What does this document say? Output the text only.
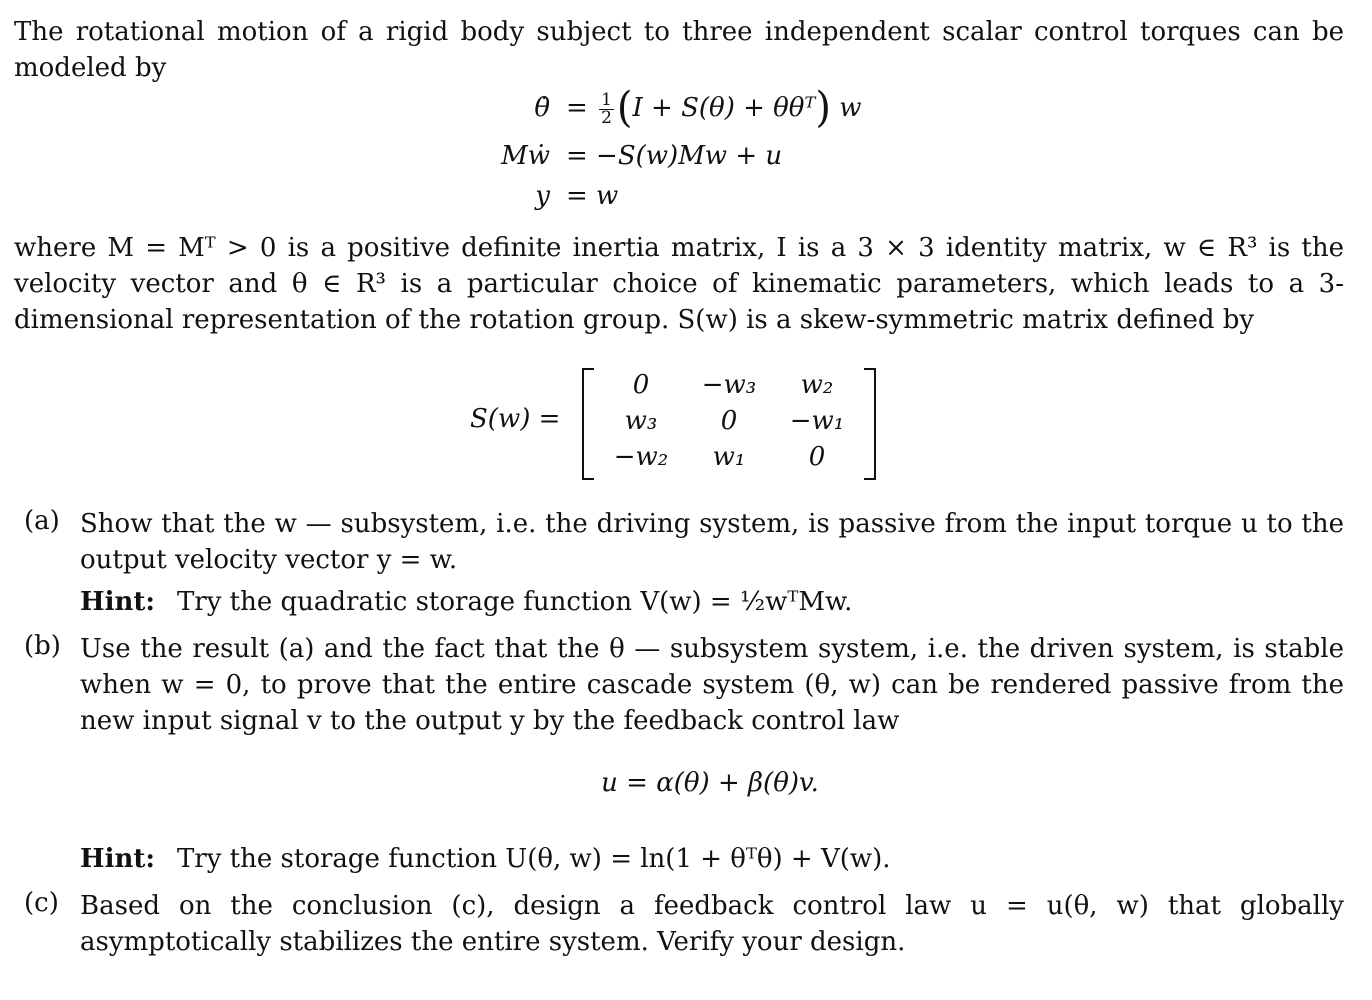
The rotational motion of a rigid body subject to three independent scalar control torques can be modeled by

θ̇ = $\frac{1}{2} (I + S(\theta)$ + θθᵀ) w
Mẇ = −S(w)Mw + u
y = w

where M = Mᵀ > 0 is a positive definite inertia matrix, I is a 3 × 3 identity matrix, w ∈ R³ is the velocity vector and θ ∈ R³ is a particular choice of kinematic parameters, which leads to a 3-dimensional representation of the rotation group. S(w) is a skew-symmetric matrix defined by

S(w) =
0	−w₃	w₂
w₃	0	−w₁
−w₂	w₁	0
(a) Show that the w — subsystem, i.e. the driving system, is passive from the input torque u to the output velocity vector y = w.

Hint: Try the quadratic storage function V(w) = ½wᵀMw.
(b) Use the result (a) and the fact that the θ — subsystem system, i.e. the driven system, is stable when w = 0, to prove that the entire cascade system (θ, w) can be rendered passive from the new input signal v to the output y by the feedback control law

u = α(θ) + β(θ)v.
Hint: Try the storage function U(θ, w) = ln(1 + θᵀθ) + V(w).
(c) Based on the conclusion (c), design a feedback control law u = u(θ, w) that globally asymptotically stabilizes the entire system. Verify your design.
